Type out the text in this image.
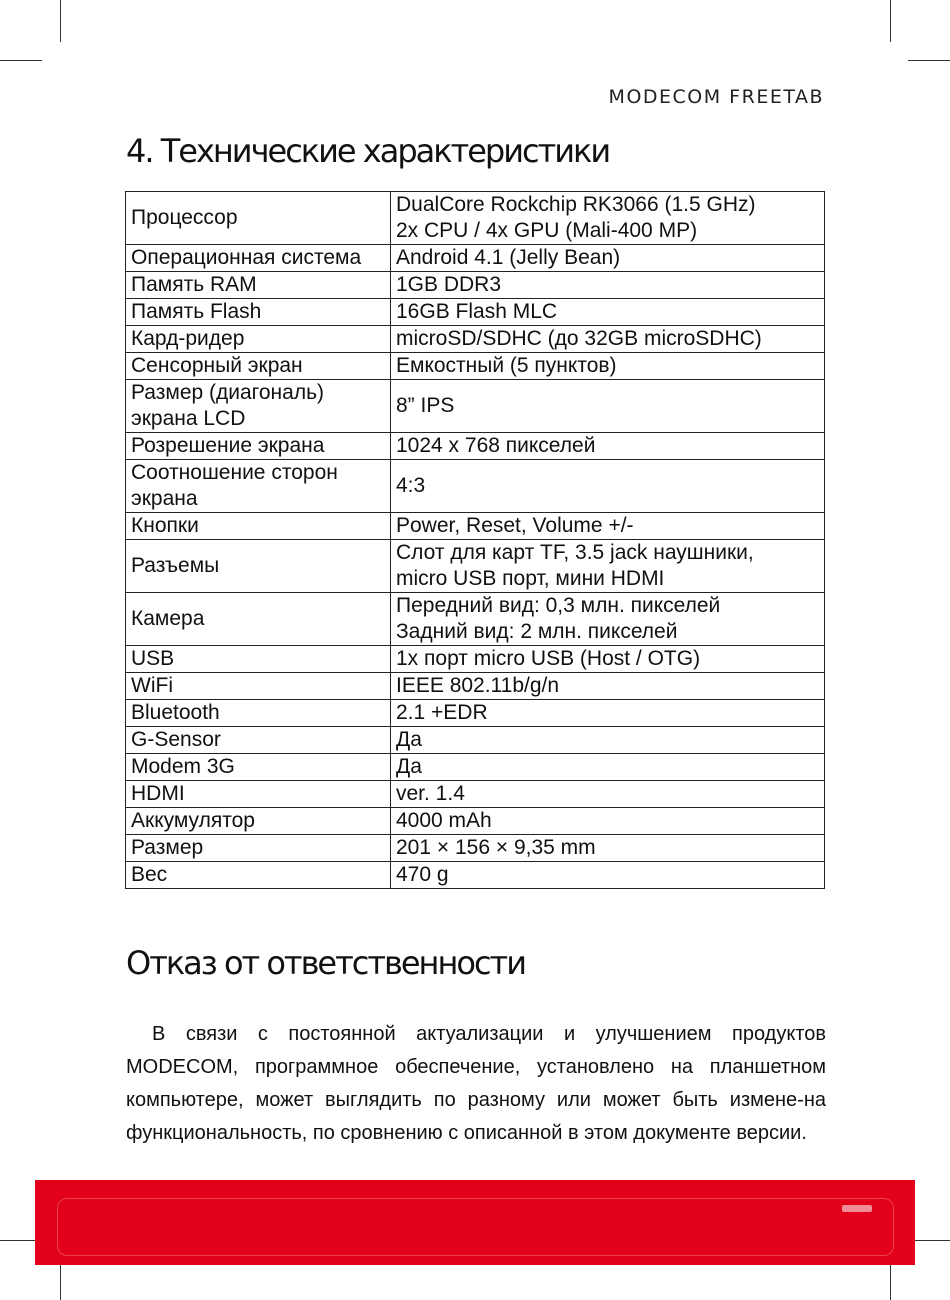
MODECOM FREETAB
4. Технические характеристики
Процессор	DualCore Rockchip RK3066 (1.5 GHz)
2x CPU / 4x GPU (Mali-400 MP)

Операционная система	Android 4.1 (Jelly Bean)

Память RAM	1GB DDR3

Память Flash	16GB Flash MLC

Кард-ридер	microSD/SDHC (до 32GB microSDHC)

Сенсорный экран	Емкостный (5 пунктов)

Размер (диагональ)
экрана LCD	8” IPS

Розрешение экрана	1024 x 768 пикселей

Соотношение сторон
экрана	4:3

Кнопки	Power, Reset, Volume +/-

Разъемы	Слот для карт TF, 3.5 jack наушники,
micro USB порт, мини HDMI

Камера	Передний вид: 0,3 млн. пикселей
Задний вид: 2 млн. пикселей

USB	1x порт micro USB (Host / OTG)

WiFi	IEEE 802.11b/g/n

Bluetooth	2.1 +EDR

G-Sensor	Да

Modem 3G	Да

HDMI	ver. 1.4

Аккумулятор	4000 mAh

Размер	201 × 156 × 9,35 mm

Вес	470 g
Отказ от ответственности

В связи с постоянной актуализации и улучшением продуктов MODECOM, программное обеспечение, установлено на планшетном компьютере, может выглядить по разному или может быть измене-на функциональность, по сровнению с описанной в этом документе версии.
